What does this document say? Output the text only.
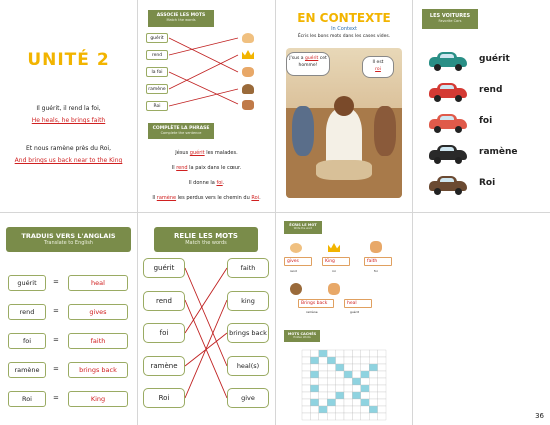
UNITÉ 2
Il guérit, il rend la foi,
He heals, he brings faith
Et nous ramène près du Roi,
And brings us back near to the King
ASSOCIE LES MOTS
Match the words
guérit
rend
la foi
ramène
Roi
COMPLÈTE LA PHRASE
Complete the sentence
Jésus guérit les malades.
Il rend la paix dans le cœur.
Il donne la foi.
Il ramène les perdus vers le chemin du Roi.
EN CONTEXTE
In Context
Écris les bons mots dans les cases vides.
J'sus a guérit cet
homme!
Il est
roi
LES VOITURES
Favorite Cars
guérit
rend
foi
ramène
Roi
TRADUIS VERS L'ANGLAIS
Translate to English
guérit =	heal
rend	=	gives
foi	=	faith
ramène =	brings back
Roi	=	King
RELIE LES MOTS
Match the words
guérit
rend
foi
ramène
Roi
faith
king
brings back
heal(s)
give
ÉCRIS LE MOT
Write the word
gives	King	faith
rend	roi	foi
Brings back	heal
ramène	guérit
MOTS CACHÉS
Hidden Words
36
